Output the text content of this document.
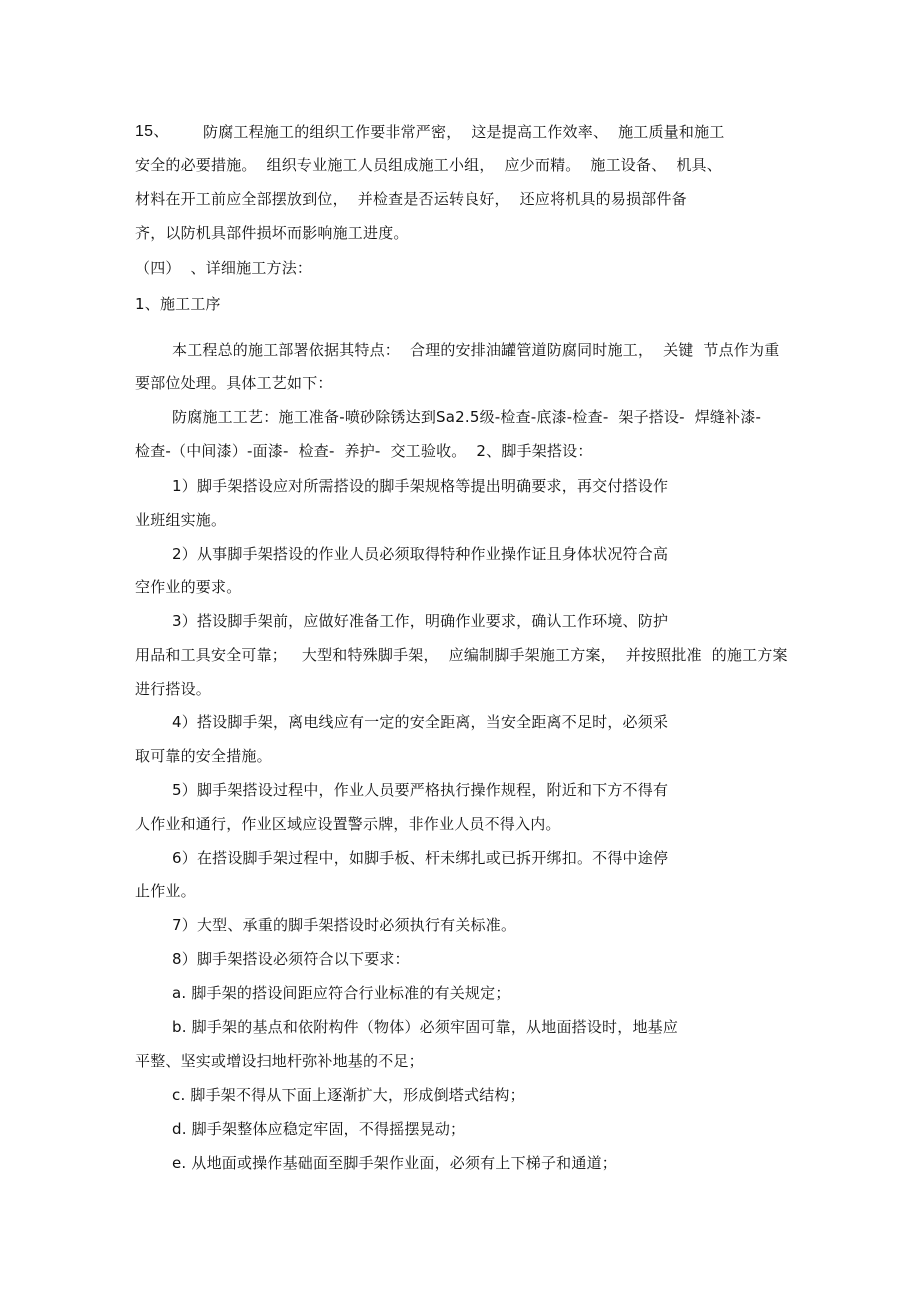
15、 防腐工程施工的组织工作要非常严密，  这是提高工作效率、  施工质量和施工
安全的必要措施。  组织专业施工人员组成施工小组，  应少而精。  施工设备、  机具、
材料在开工前应全部摆放到位，  并检查是否运转良好，  还应将机具的易损部件备
齐，以防机具部件损坏而影响施工进度。
（四）  、详细施工方法：
1、施工工序
本工程总的施工部署依据其特点：  合理的安排油罐管道防腐同时施工，  关键  节点作为重
要部位处理。具体工艺如下：
防腐施工工艺：施工准备-喷砂除锈达到Sa2.5级-检查-底漆-检查-  架子搭设-  焊缝补漆-
检查-（中间漆）-面漆-  检查-  养护-  交工验收。  2、脚手架搭设：
1）脚手架搭设应对所需搭设的脚手架规格等提出明确要求，再交付搭设作
业班组实施。
2）从事脚手架搭设的作业人员必须取得特种作业操作证且身体状况符合高
空作业的要求。
3）搭设脚手架前，应做好准备工作，明确作业要求，确认工作环境、防护
用品和工具安全可靠；   大型和特殊脚手架，  应编制脚手架施工方案，  并按照批准  的施工方案
进行搭设。
4）搭设脚手架，离电线应有一定的安全距离，当安全距离不足时，必须采
取可靠的安全措施。
5）脚手架搭设过程中，作业人员要严格执行操作规程，附近和下方不得有
人作业和通行，作业区域应设置警示牌，非作业人员不得入内。
6）在搭设脚手架过程中，如脚手板、杆未绑扎或已拆开绑扣。不得中途停
止作业。
7）大型、承重的脚手架搭设时必须执行有关标准。
8）脚手架搭设必须符合以下要求：
a. 脚手架的搭设间距应符合行业标准的有关规定；
b. 脚手架的基点和依附构件（物体）必须牢固可靠，从地面搭设时，地基应
平整、坚实或增设扫地杆弥补地基的不足；
c. 脚手架不得从下面上逐渐扩大，形成倒塔式结构；
d. 脚手架整体应稳定牢固，不得摇摆晃动；
e. 从地面或操作基础面至脚手架作业面，必须有上下梯子和通道；
